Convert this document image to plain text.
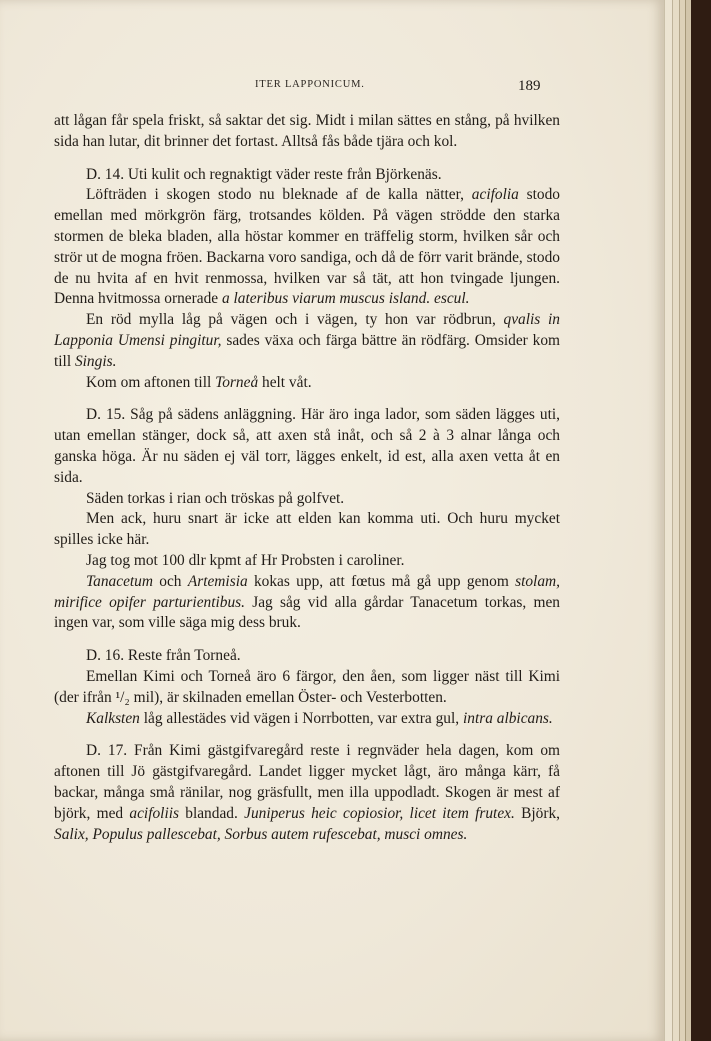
ITER LAPPONICUM.	189

att lågan får spela friskt, så saktar det sig. Midt i milan sättes en stång, på hvilken sida han lutar, dit brinner det fortast. Alltså fås både tjära och kol.

D. 14. Uti kulit och regnaktigt väder reste från Björkenäs.

Löfträden i skogen stodo nu bleknade af de kalla nätter, acifolia stodo emellan med mörkgrön färg, trotsandes kölden. På vägen strödde den starka stormen de bleka bladen, alla höstar kommer en träffelig storm, hvilken sår och strör ut de mogna fröen. Backarna voro sandiga, och då de förr varit brände, stodo de nu hvita af en hvit renmossa, hvilken var så tät, att hon tvingade ljungen. Denna hvitmossa ornerade a lateribus viarum muscus island. escul.

En röd mylla låg på vägen och i vägen, ty hon var rödbrun, qvalis in Lapponia Umensi pingitur, sades växa och färga bättre än rödfärg. Omsider kom till Singis.

Kom om aftonen till Torneå helt våt.

D. 15. Såg på sädens anläggning. Här äro inga lador, som säden lägges uti, utan emellan stänger, dock så, att axen stå inåt, och så 2 à 3 alnar långa och ganska höga. Är nu säden ej väl torr, lägges enkelt, id est, alla axen vetta åt en sida.

Säden torkas i rian och tröskas på golfvet.

Men ack, huru snart är icke att elden kan komma uti. Och huru mycket spilles icke här.

Jag tog mot 100 dlr kpmt af Hr Probsten i caroliner.

Tanacetum och Artemisia kokas upp, att fœtus må gå upp genom stolam, mirifice opifer parturientibus. Jag såg vid alla gårdar Tanacetum torkas, men ingen var, som ville säga mig dess bruk.

D. 16. Reste från Torneå.

Emellan Kimi och Torneå äro 6 färgor, den åen, som ligger näst till Kimi (der ifrån ¹/₂ mil), är skilnaden emellan Öster- och Vesterbotten.

Kalksten låg allestädes vid vägen i Norrbotten, var extra gul, intra albicans.

D. 17. Från Kimi gästgifvaregård reste i regnväder hela dagen, kom om aftonen till Jö gästgifvaregård. Landet ligger mycket lågt, äro många kärr, få backar, många små ränilar, nog gräsfullt, men illa uppodladt. Skogen är mest af björk, med acifoliis blandad. Juniperus heic copiosior, licet item frutex. Björk, Salix, Populus pallescebat, Sorbus autem rufescebat, musci omnes.
